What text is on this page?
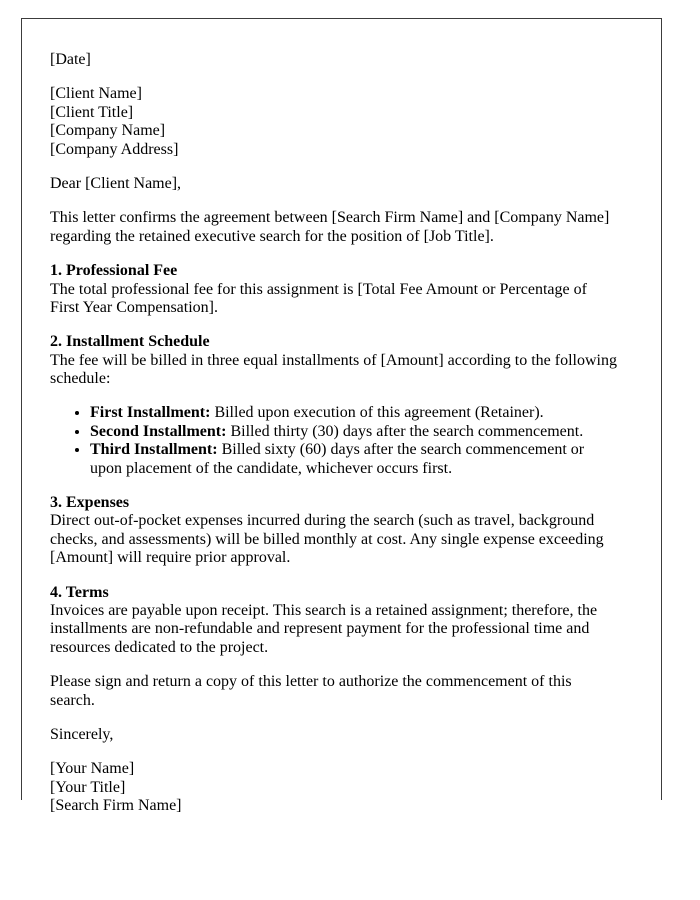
[Date]

[Client Name]
[Client Title]
[Company Name]
[Company Address]

Dear [Client Name],

This letter confirms the agreement between [Search Firm Name] and [Company Name] regarding the retained executive search for the position of [Job Title].

1. Professional Fee
The total professional fee for this assignment is [Total Fee Amount or Percentage of First Year Compensation].
2. Installment Schedule
The fee will be billed in three equal installments of [Amount] according to the following schedule:
• First Installment: Billed upon execution of this agreement (Retainer).
• Second Installment: Billed thirty (30) days after the search commencement.
• Third Installment: Billed sixty (60) days after the search commencement or upon placement of the candidate, whichever occurs first.
3. Expenses
Direct out-of-pocket expenses incurred during the search (such as travel, background checks, and assessments) will be billed monthly at cost. Any single expense exceeding [Amount] will require prior approval.
4. Terms
Invoices are payable upon receipt. This search is a retained assignment; therefore, the installments are non-refundable and represent payment for the professional time and resources dedicated to the project.

Please sign and return a copy of this letter to authorize the commencement of this search.

Sincerely,

[Your Name]
[Your Title]
[Search Firm Name]
